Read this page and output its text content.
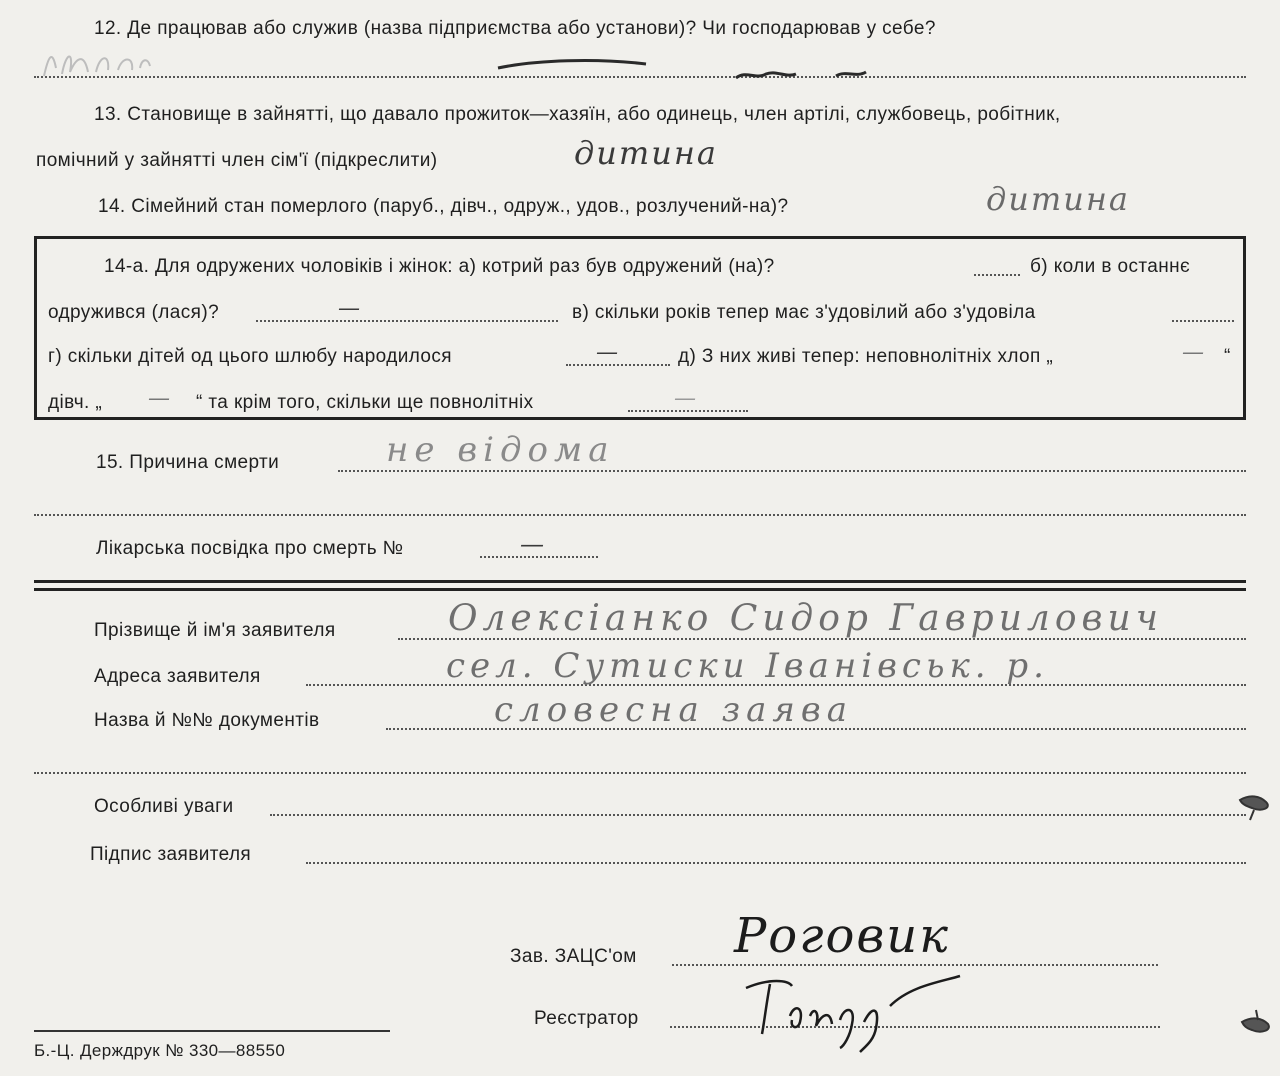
12. Де працював або служив (назва підприємства або установи)? Чи господарював у себе?
13. Становище в зайнятті, що давало прожиток—хазяїн, або одинець, член артілі, службовець, робітник,
помічний у зайнятті член сім'ї (підкреслити)	дитина
14. Сімейний стан померлого (паруб., дівч., одруж., удов., розлучений-на)?	дитина
14-а. Для одружених чоловіків і жінок: а) котрий раз був одружений (на)?	б) коли в останнє
одружився (лася)?	—	в) скільки років тепер має з'удовілий або з'удовіла
г) скільки дітей од цього шлюбу народилося	—	д) З них живі тепер: неповнолітніх хлоп „	— “
дівч. „ — “ та крім того, скільки ще повнолітніх	—
15. Причина смерти	не відома
Лікарська посвідка про смерть №	—
Прізвище й ім'я заявителя	Олексіанко Сидор Гаврилович
Адреса заявителя	сел. Сутиски Іванівськ. р.
Назва й №№ документів	словесна заява
Особливі уваги
Підпис заявителя
Зав. ЗАЦС'ом Роговик
Реєстратор
Б.-Ц. Держдрук № 330—88550
